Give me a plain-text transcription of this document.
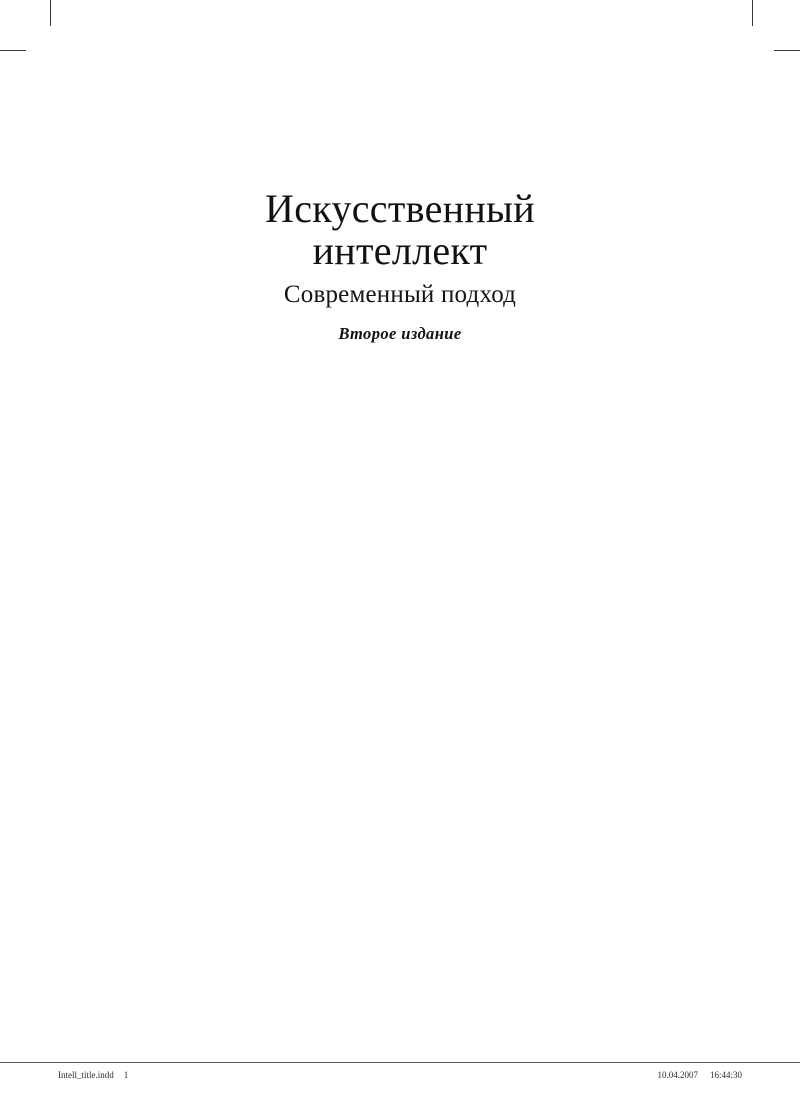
Искусственный
интеллект

Современный подход

Второе издание

Intell_title.indd 1	10.04.2007 16:44:30
